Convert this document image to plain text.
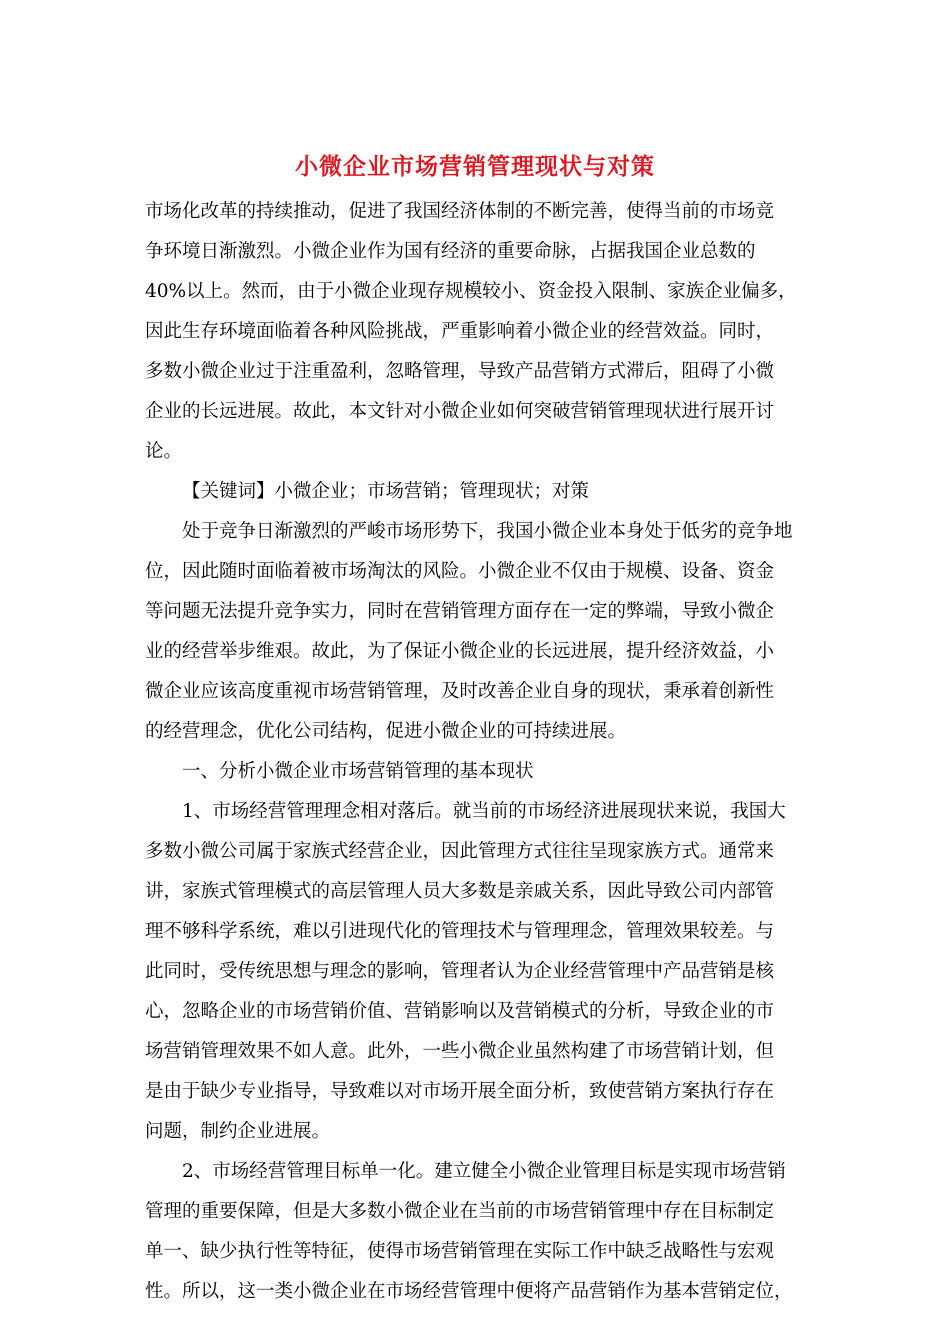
小微企业市场营销管理现状与对策
市场化改革的持续推动，促进了我国经济体制的不断完善，使得当前的市场竞
争环境日渐激烈。小微企业作为国有经济的重要命脉，占据我国企业总数的
40%以上。然而，由于小微企业现存规模较小、资金投入限制、家族企业偏多，
因此生存环境面临着各种风险挑战，严重影响着小微企业的经营效益。同时，
多数小微企业过于注重盈利，忽略管理，导致产品营销方式滞后，阻碍了小微
企业的长远进展。故此，本文针对小微企业如何突破营销管理现状进行展开讨
论。
【关键词】小微企业；市场营销；管理现状；对策
处于竞争日渐激烈的严峻市场形势下，我国小微企业本身处于低劣的竞争地
位，因此随时面临着被市场淘汰的风险。小微企业不仅由于规模、设备、资金
等问题无法提升竞争实力，同时在营销管理方面存在一定的弊端，导致小微企
业的经营举步维艰。故此，为了保证小微企业的长远进展，提升经济效益，小
微企业应该高度重视市场营销管理，及时改善企业自身的现状，秉承着创新性
的经营理念，优化公司结构，促进小微企业的可持续进展。
一、分析小微企业市场营销管理的基本现状
1、市场经营管理理念相对落后。就当前的市场经济进展现状来说，我国大
多数小微公司属于家族式经营企业，因此管理方式往往呈现家族方式。通常来
讲，家族式管理模式的高层管理人员大多数是亲戚关系，因此导致公司内部管
理不够科学系统，难以引进现代化的管理技术与管理理念，管理效果较差。与
此同时，受传统思想与理念的影响，管理者认为企业经营管理中产品营销是核
心，忽略企业的市场营销价值、营销影响以及营销模式的分析，导致企业的市
场营销管理效果不如人意。此外，一些小微企业虽然构建了市场营销计划，但
是由于缺少专业指导，导致难以对市场开展全面分析，致使营销方案执行存在
问题，制约企业进展。
2、市场经营管理目标单一化。建立健全小微企业管理目标是实现市场营销
管理的重要保障，但是大多数小微企业在当前的市场营销管理中存在目标制定
单一、缺少执行性等特征，使得市场营销管理在实际工作中缺乏战略性与宏观
性。所以，这一类小微企业在市场经营管理中便将产品营销作为基本营销定位，
